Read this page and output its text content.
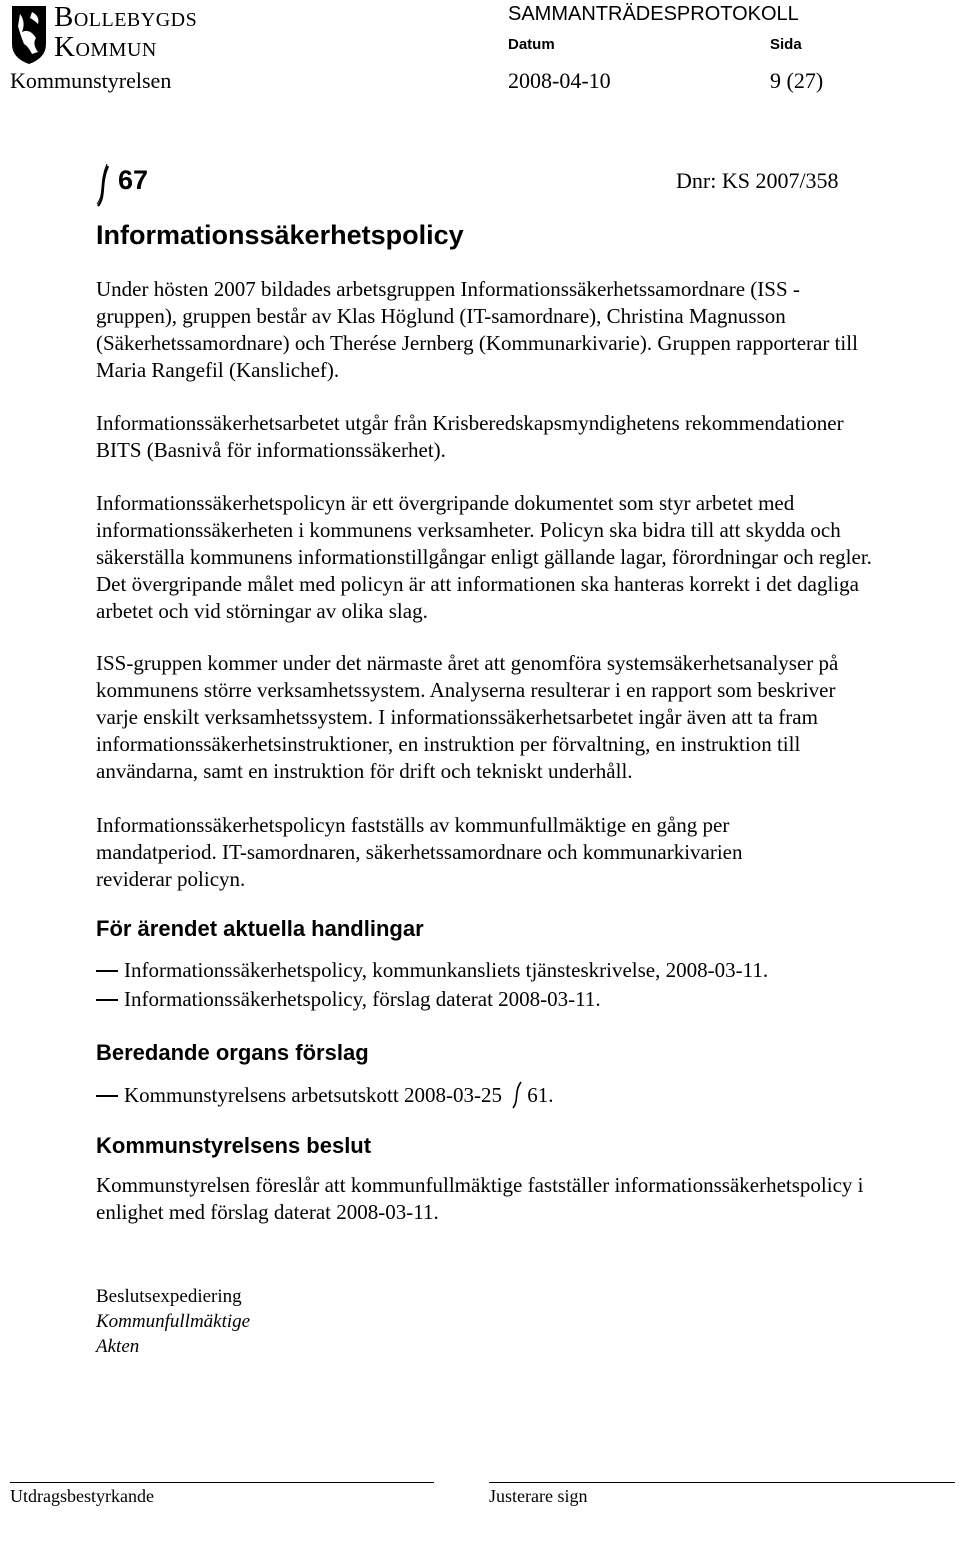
Bollebygds
Kommun
SAMMANTRÄDESPROTOKOLL
Datum	Sida
Kommunstyrelsen	2008-04-10	9 (27)
67	Dnr: KS 2007/358
Informationssäkerhetspolicy

Under hösten 2007 bildades arbetsgruppen Informationssäkerhetssamordnare (ISS -

gruppen), gruppen består av Klas Höglund (IT-samordnare), Christina Magnusson

(Säkerhetssamordnare) och Therése Jernberg (Kommunarkivarie). Gruppen rapporterar till

Maria Rangefil (Kanslichef).

Informationssäkerhetsarbetet utgår från Krisberedskapsmyndighetens rekommendationer

BITS (Basnivå för informationssäkerhet).

Informationssäkerhetspolicyn är ett övergripande dokumentet som styr arbetet med

informationssäkerheten i kommunens verksamheter. Policyn ska bidra till att skydda och

säkerställa kommunens informationstillgångar enligt gällande lagar, förordningar och regler.

Det övergripande målet med policyn är att informationen ska hanteras korrekt i det dagliga

arbetet och vid störningar av olika slag.

ISS-gruppen kommer under det närmaste året att genomföra systemsäkerhetsanalyser på

kommunens större verksamhetssystem. Analyserna resulterar i en rapport som beskriver

varje enskilt verksamhetssystem. I informationssäkerhetsarbetet ingår även att ta fram

informationssäkerhetsinstruktioner, en instruktion per förvaltning, en instruktion till

användarna, samt en instruktion för drift och tekniskt underhåll.

Informationssäkerhetspolicyn fastställs av kommunfullmäktige en gång per

mandatperiod. IT-samordnaren, säkerhetssamordnare och kommunarkivarien

reviderar policyn.

För ärendet aktuella handlingar
Informationssäkerhetspolicy, kommunkansliets tjänsteskrivelse, 2008-03-11.
Informationssäkerhetspolicy, förslag daterat 2008-03-11.
Beredande organs förslag
Kommunstyrelsens arbetsutskott 2008-03-25 61.
Kommunstyrelsens beslut

Kommunstyrelsen föreslår att kommunfullmäktige fastställer informationssäkerhetspolicy i

enlighet med förslag daterat 2008-03-11.

Beslutsexpediering
Kommunfullmäktige
Akten
Utdragsbestyrkande	Justerare sign
